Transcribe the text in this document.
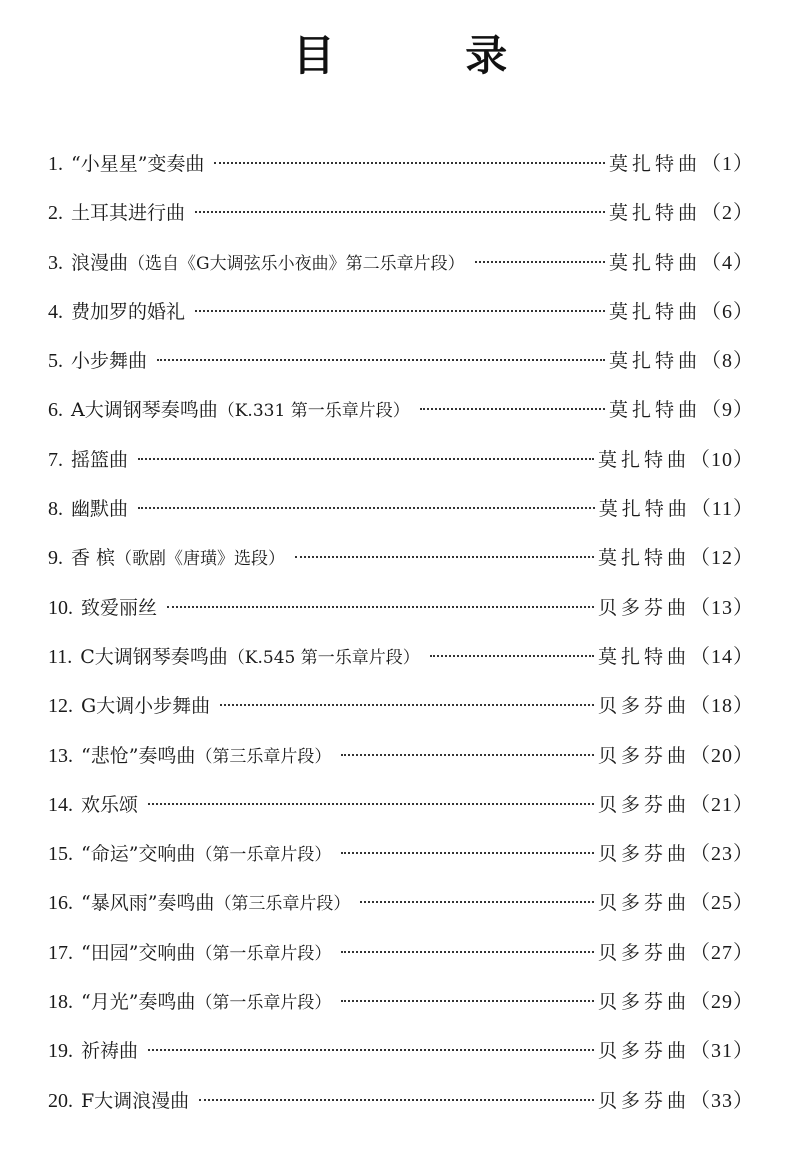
目 录
1. “小星星”变奏曲	莫扎特曲 （1）
2. 土耳其进行曲	莫扎特曲 （2）
3. 浪漫曲 （选自《G大调弦乐小夜曲》第二乐章片段）	莫扎特曲 （4）
4. 费加罗的婚礼	莫扎特曲 （6）
5. 小步舞曲	莫扎特曲 （8）
6. A大调钢琴奏鸣曲 （K.331 第一乐章片段）	莫扎特曲 （9）
7. 摇篮曲	莫扎特曲 （10）
8. 幽默曲	莫扎特曲 （11）
9. 香 槟 （歌剧《唐璜》选段）	莫扎特曲 （12）
10. 致爱丽丝	贝多芬曲 （13）
11. C大调钢琴奏鸣曲 （K.545 第一乐章片段）	莫扎特曲 （14）
12. G大调小步舞曲	贝多芬曲 （18）
13. “悲怆”奏鸣曲 （第三乐章片段）	贝多芬曲 （20）
14. 欢乐颂	贝多芬曲 （21）
15. “命运”交响曲 （第一乐章片段）	贝多芬曲 （23）
16. “暴风雨”奏鸣曲 （第三乐章片段）	贝多芬曲 （25）
17. “田园”交响曲 （第一乐章片段）	贝多芬曲 （27）
18. “月光”奏鸣曲 （第一乐章片段）	贝多芬曲 （29）
19. 祈祷曲	贝多芬曲 （31）
20. F大调浪漫曲	贝多芬曲 （33）
